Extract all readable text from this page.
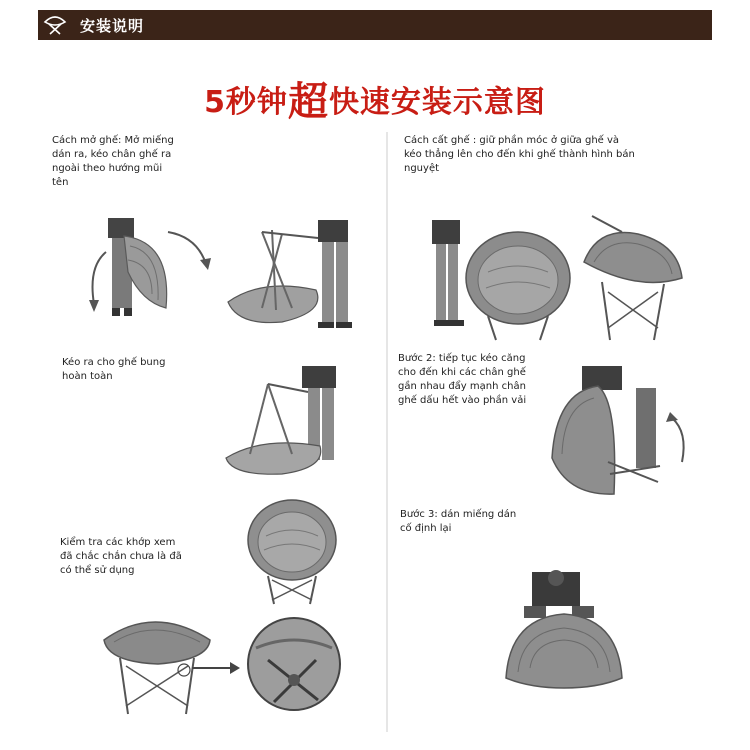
安装说明
5秒钟超快速安装示意图
Cách mở ghế: Mở miếng
dán ra, kéo chân ghế ra
ngoài theo hướng mũi
tên
Kéo ra cho ghế bung
hoàn toàn
Kiểm tra các khớp xem
đã chắc chắn chưa là đã
có thể sử dụng
Cách cất ghế : giữ phần móc ở giữa ghế và
kéo thẳng lên cho đến khi ghế thành hình bán
nguyệt
Bước 2: tiếp tục kéo căng
cho đến khi các chân ghế
gần nhau đẩy mạnh chân
ghế dấu hết vào phần vải
Bước 3: dán miếng dán
cố định lại
